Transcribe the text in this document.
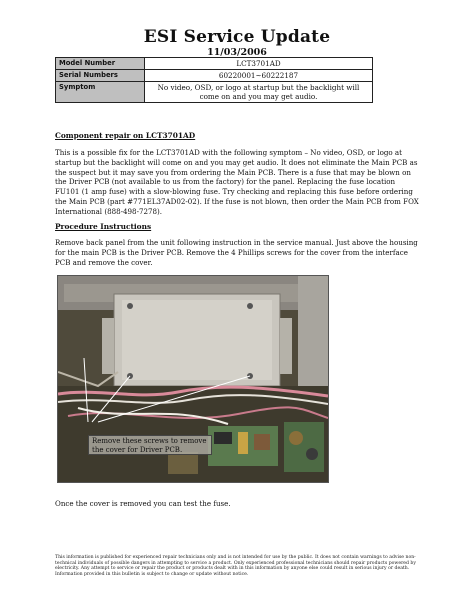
ESI Service Update
11/03/2006
Model Number	LCT3701AD
Serial Numbers	60220001~60222187
Symptom	No video, OSD, or logo at startup but the backlight will come on and you may get audio.
Component repair on LCT3701AD
This is a possible fix for the LCT3701AD with the following symptom – No video, OSD, or logo at startup but the backlight will come on and you may get audio. It does not eliminate the Main PCB as the suspect but it may save you from ordering the Main PCB. There is a fuse that may be blown on the Driver PCB (not available to us from the factory) for the panel. Replacing the fuse location FU101 (1 amp fuse) with a slow-blowing fuse. Try checking and replacing this fuse before ordering the Main PCB (part #771EL37AD02-02). If the fuse is not blown, then order the Main PCB from FOX International (888-498-7278).
Procedure Instructions
Remove back panel from the unit following instruction in the service manual. Just above the housing for the main PCB is the Driver PCB. Remove the 4 Phillips screws for the cover from the interface PCB and remove the cover.
Remove these screws to remove the cover for Driver PCB.
Once the cover is removed you can test the fuse.
This information is published for experienced repair technicians only and is not intended for use by the public. It does not contain warnings to advise non-technical individuals of possible dangers in attempting to service a product. Only experienced professional technicians should repair products powered by electricity. Any attempt to service or repair the product or products dealt with in this information by anyone else could result in serious injury or death. Information provided in this bulletin is subject to change or update without notice.
